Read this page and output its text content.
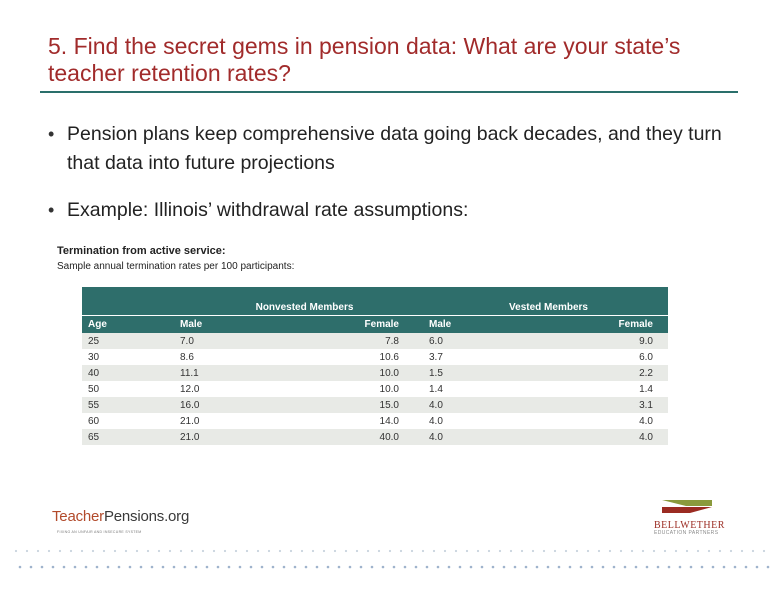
5. Find the secret gems in pension data: What are your state’s teacher retention rates?
• Pension plans keep comprehensive data going back decades, and they turn that data into future projections
• Example: Illinois’ withdrawal rate assumptions:
Termination from active service:
Sample annual termination rates per 100 participants:
	Nonvested Members		Vested Members	
Age	Male	Female	Male	Female
25	7.0	7.8	6.0	9.0
30	8.6	10.6	3.7	6.0
40	11.1	10.0	1.5	2.2
50	12.0	10.0	1.4	1.4
55	16.0	15.0	4.0	3.1
60	21.0	14.0	4.0	4.0
65	21.0	40.0	4.0	4.0
TeacherPensions.org
FIXING AN UNFAIR AND INSECURE SYSTEM
BELLWETHER
EDUCATION PARTNERS
